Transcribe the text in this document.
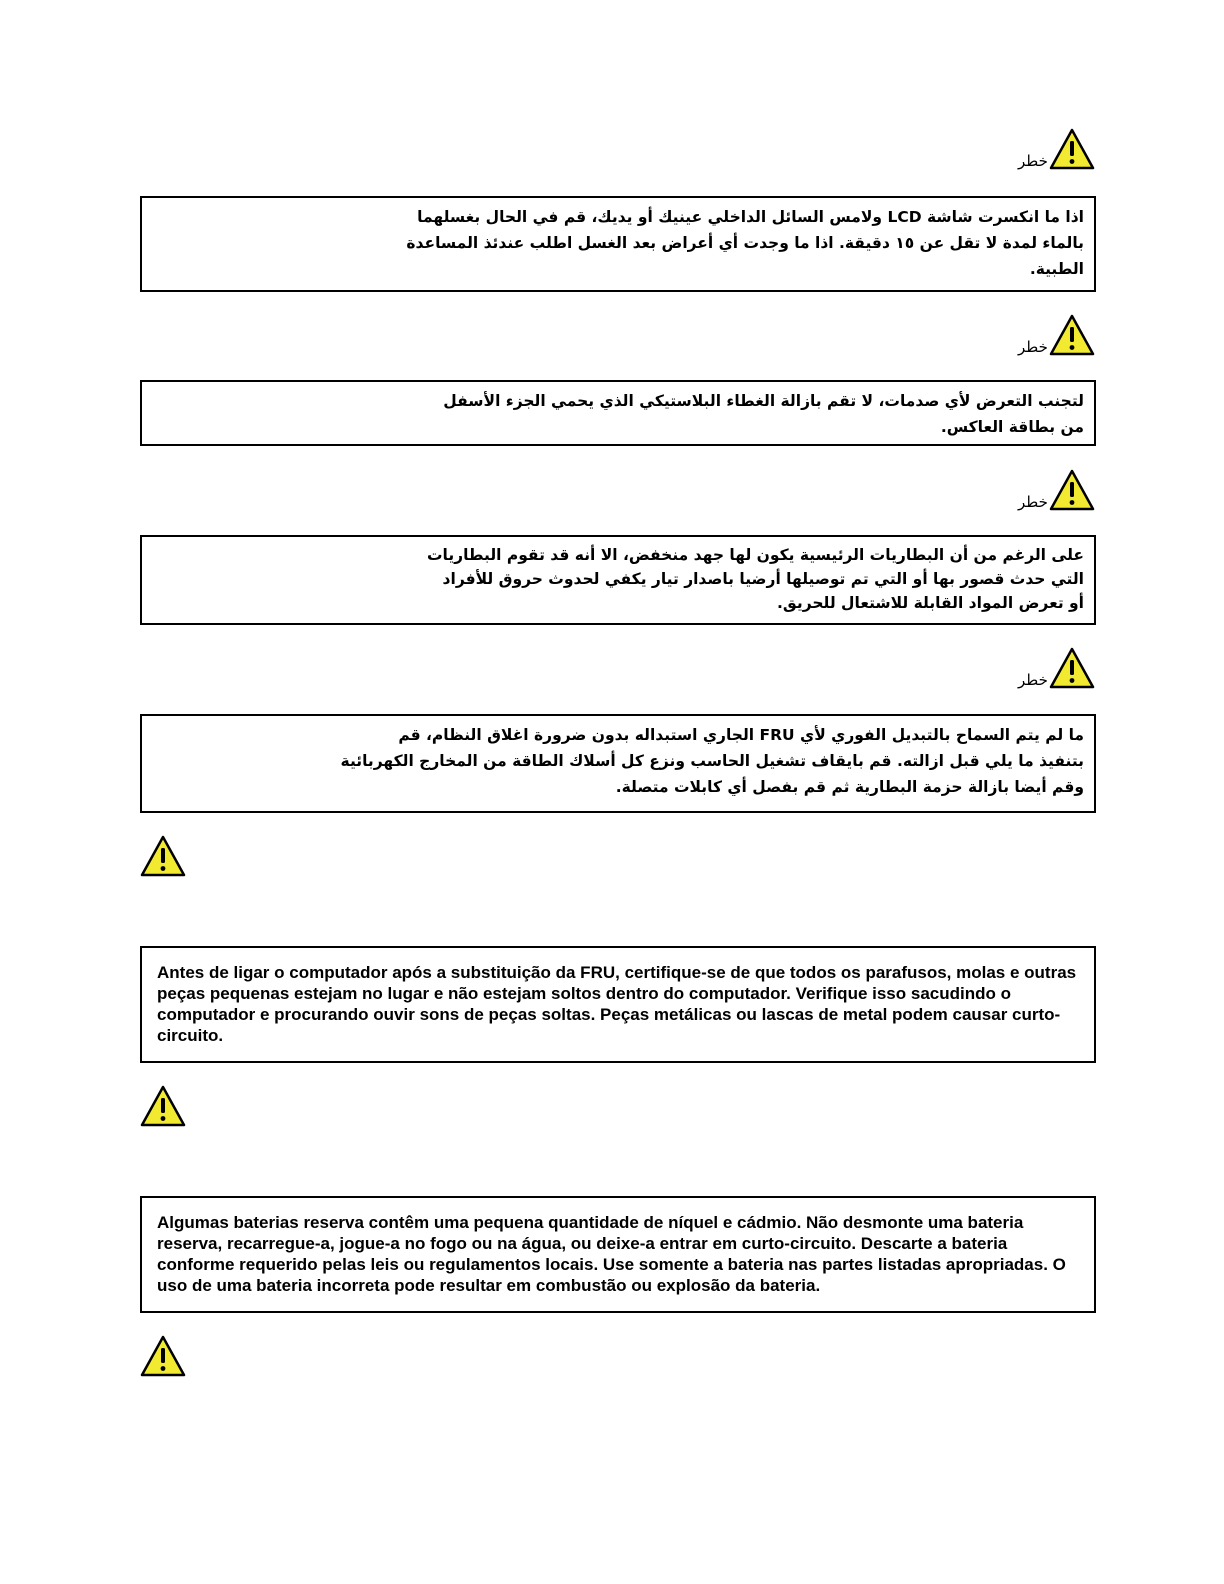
خطر

اذا ما انكسرت شاشة LCD ولامس السائل الداخلي عينيك أو يديك، قم في الحال بغسلهما

بالماء لمدة لا تقل عن ١٥ دقيقة. اذا ما وجدت أي أعراض بعد الغسل اطلب عندئذ المساعدة

الطبية.

خطر

لتجنب التعرض لأي صدمات، لا تقم بازالة الغطاء البلاستيكي الذي يحمي الجزء الأسفل

من بطاقة العاكس.

خطر

على الرغم من أن البطاريات الرئيسية يكون لها جهد منخفض، الا أنه قد تقوم البطاريات

التي حدث قصور بها أو التي تم توصيلها أرضيا باصدار تيار يكفي لحدوث حروق للأفراد

أو تعرض المواد القابلة للاشتعال للحريق.

خطر

ما لم يتم السماح بالتبديل الفوري لأي FRU الجاري استبداله بدون ضرورة اغلاق النظام، قم

بتنفيذ ما يلي قبل ازالته. قم بايقاف تشغيل الحاسب ونزع كل أسلاك الطاقة من المخارج الكهربائية

وقم أيضا بازالة حزمة البطارية ثم قم بفصل أي كابلات متصلة.

Antes de ligar o computador após a substituição da FRU, certifique-se de que todos os parafusos, molas e outras peças pequenas estejam no lugar e não estejam soltos dentro do computador. Verifique isso sacudindo o computador e procurando ouvir sons de peças soltas. Peças metálicas ou lascas de metal podem causar curto-circuito.

Algumas baterias reserva contêm uma pequena quantidade de níquel e cádmio. Não desmonte uma bateria reserva, recarregue-a, jogue-a no fogo ou na água, ou deixe-a entrar em curto-circuito. Descarte a bateria conforme requerido pelas leis ou regulamentos locais. Use somente a bateria nas partes listadas apropriadas. O uso de uma bateria incorreta pode resultar em combustão ou explosão da bateria.
